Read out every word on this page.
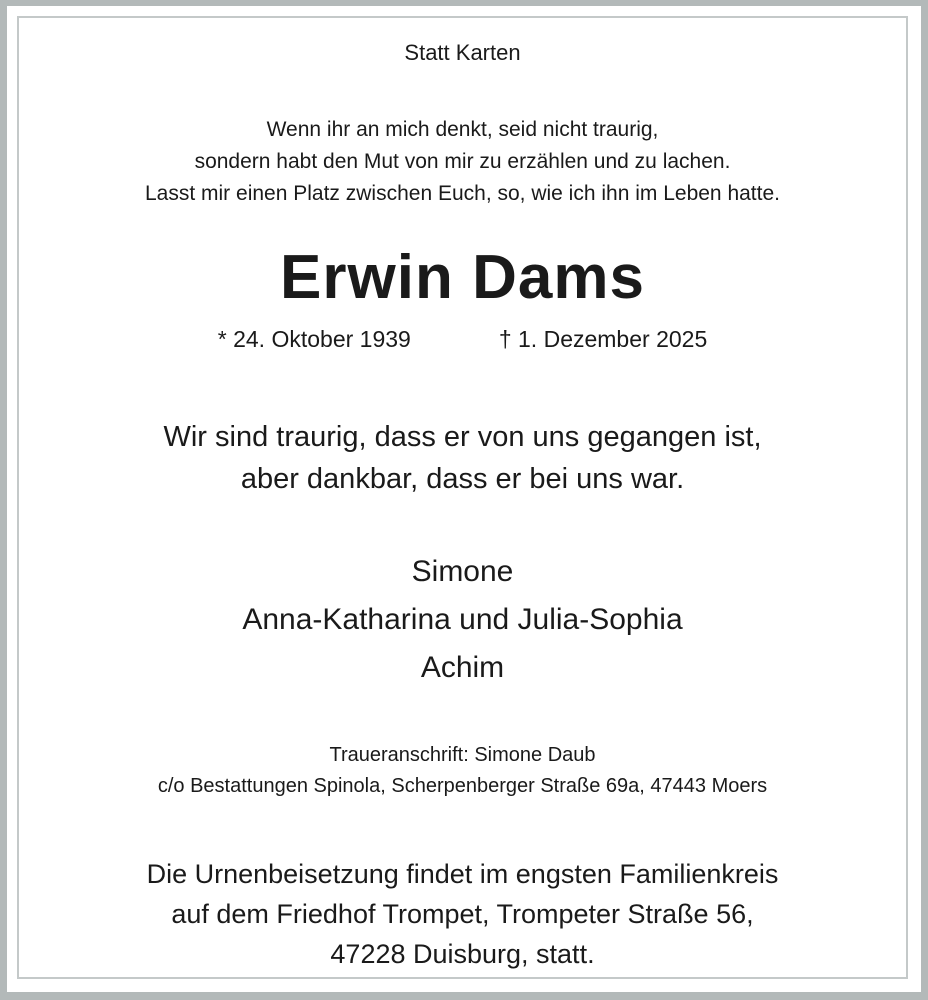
Statt Karten
Wenn ihr an mich denkt, seid nicht traurig,
sondern habt den Mut von mir zu erzählen und zu lachen.
Lasst mir einen Platz zwischen Euch, so, wie ich ihn im Leben hatte.
Erwin Dams
* 24. Oktober 1939	† 1. Dezember 2025
Wir sind traurig, dass er von uns gegangen ist,
aber dankbar, dass er bei uns war.
Simone
Anna-Katharina und Julia-Sophia
Achim
Traueranschrift: Simone Daub
c/o Bestattungen Spinola, Scherpenberger Straße 69a, 47443 Moers
Die Urnenbeisetzung findet im engsten Familienkreis
auf dem Friedhof Trompet, Trompeter Straße 56,
47228 Duisburg, statt.
